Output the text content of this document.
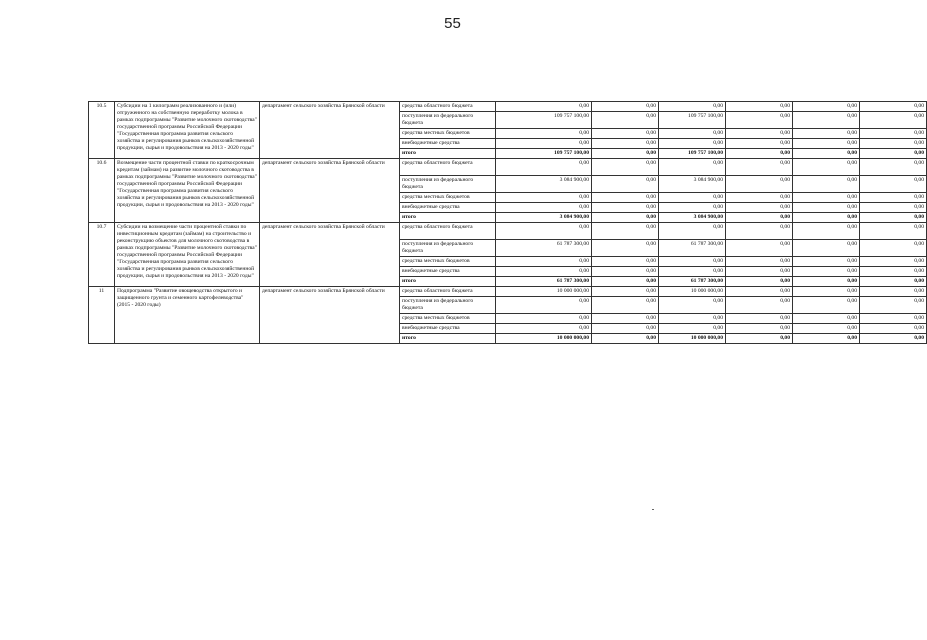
55
10.5	Субсидии на 1 килограмм реализованного и (или) отгруженного на собственную переработку молока в рамках подпрограммы "Развитие молочного скотоводства" государственной программы Российской Федерации "Государственная программа развития сельского хозяйства и регулирования рынков сельскохозяйственной продукции, сырья и продовольствия на 2013 - 2020 годы"	департамент сельского хозяйства Брянской области	средства областного бюджета	0,00	0,00	0,00	0,00	0,00	0,00
			поступления из федерального бюджета	109 757 100,00	0,00	109 757 100,00	0,00	0,00	0,00
			средства местных бюджетов	0,00	0,00	0,00	0,00	0,00	0,00
			внебюджетные средства	0,00	0,00	0,00	0,00	0,00	0,00
			итого	109 757 100,00	0,00	109 757 100,00	0,00	0,00	0,00
10.6	Возмещение части процентной ставки по краткосрочным кредитам (займам) на развитие молочного скотоводства в рамках подпрограммы "Развитие молочного скотоводства" государственной программы Российской Федерации "Государственная программа развития сельского хозяйства и регулирования рынков сельскохозяйственной продукции, сырья и продовольствия на 2013 - 2020 годы"	департамент сельского хозяйства Брянской области	средства областного бюджета	0,00	0,00	0,00	0,00	0,00	0,00
			поступления из федерального бюджета	3 084 900,00	0,00	3 084 900,00	0,00	0,00	0,00
			средства местных бюджетов	0,00	0,00	0,00	0,00	0,00	0,00
			внебюджетные средства	0,00	0,00	0,00	0,00	0,00	0,00
			итого	3 084 900,00	0,00	3 084 900,00	0,00	0,00	0,00
10.7	Субсидии на возмещение части процентной ставки по инвестиционным кредитам (займам) на строительство и реконструкцию объектов для молочного скотоводства в рамках подпрограммы "Развитие молочного скотоводства" государственной программы Российской Федерации "Государственная программа развития сельского хозяйства и регулирования рынков сельскохозяйственной продукции, сырья и продовольствия на 2013 - 2020 годы"	департамент сельского хозяйства Брянской области	средства областного бюджета	0,00	0,00	0,00	0,00	0,00	0,00
			поступления из федерального бюджета	61 787 300,00	0,00	61 787 300,00	0,00	0,00	0,00
			средства местных бюджетов	0,00	0,00	0,00	0,00	0,00	0,00
			внебюджетные средства	0,00	0,00	0,00	0,00	0,00	0,00
			итого	61 787 300,00	0,00	61 787 300,00	0,00	0,00	0,00
11	Подпрограмма "Развитие овощеводства открытого и защищенного грунта и семенного картофелеводства" (2015 - 2020 годы)	департамент сельского хозяйства Брянской области	средства областного бюджета	10 000 000,00	0,00	10 000 000,00	0,00	0,00	0,00
			поступления из федерального бюджета	0,00	0,00	0,00	0,00	0,00	0,00
			средства местных бюджетов	0,00	0,00	0,00	0,00	0,00	0,00
			внебюджетные средства	0,00	0,00	0,00	0,00	0,00	0,00
			итого	10 000 000,00	0,00	10 000 000,00	0,00	0,00	0,00
